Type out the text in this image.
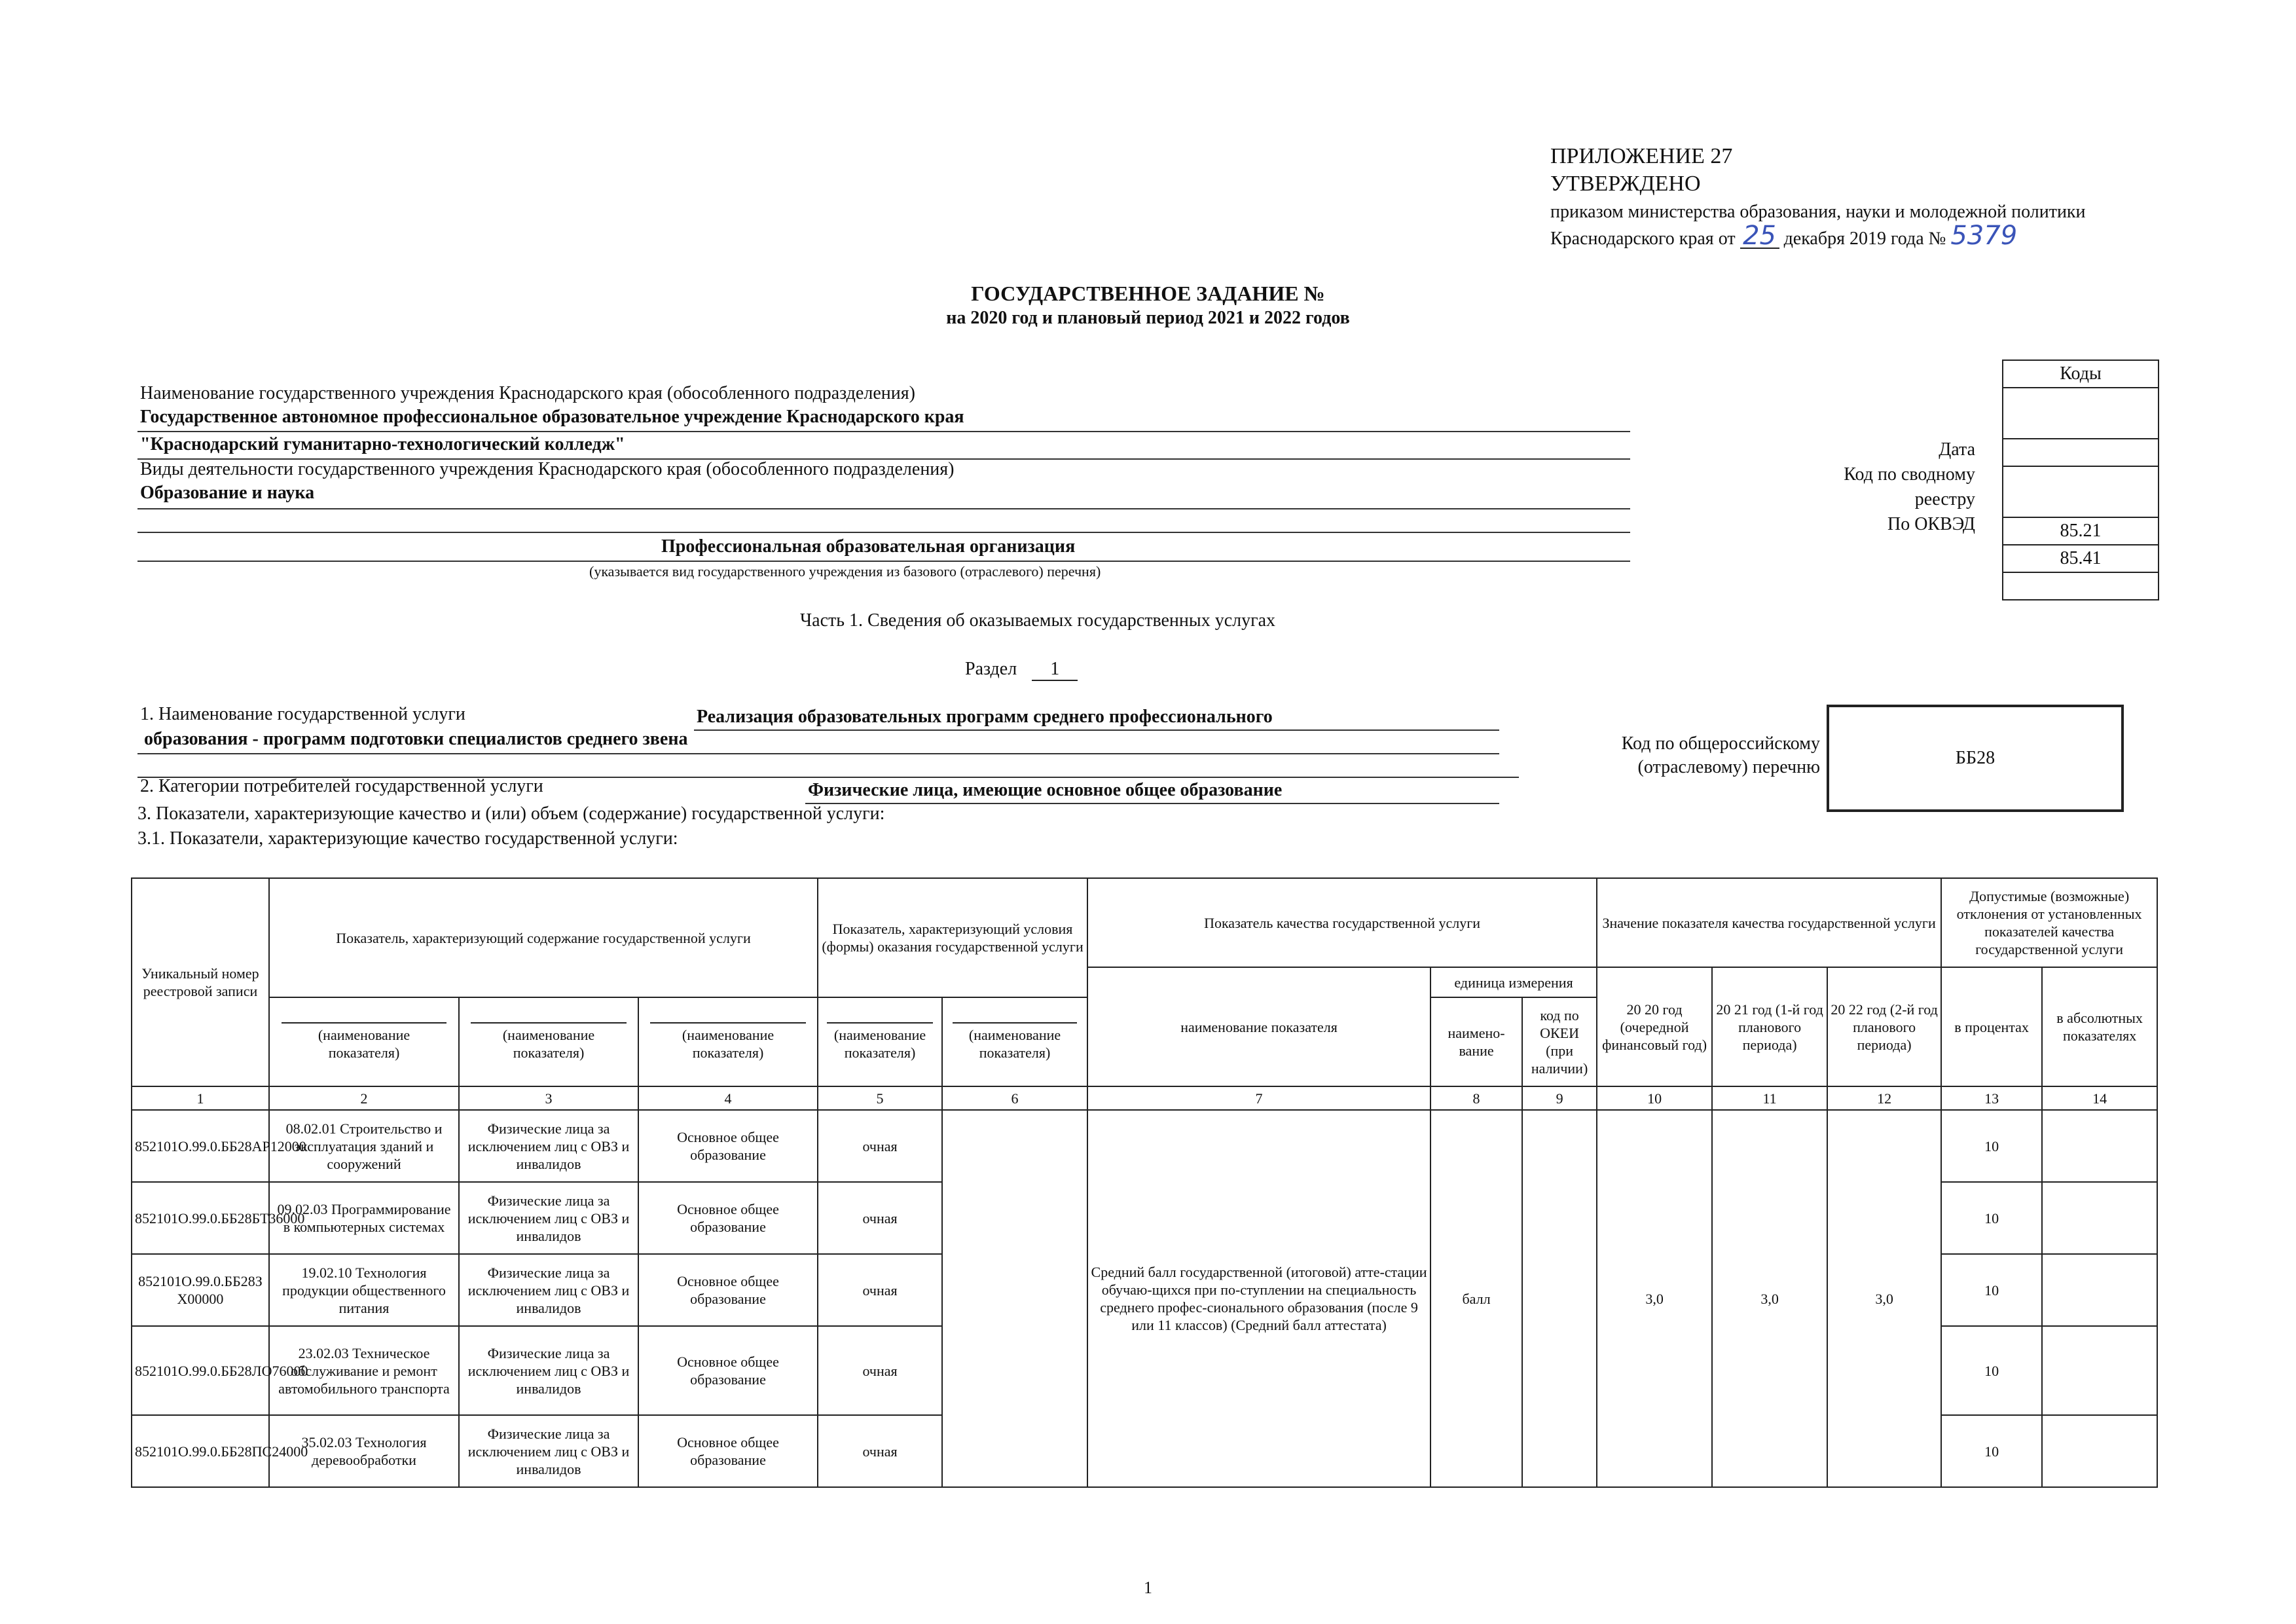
ПРИЛОЖЕНИЕ 27
УТВЕРЖДЕНО
приказом министерства образования, науки и молодежной политики
Краснодарского края от 25 декабря 2019 года № 5379
ГОСУДАРСТВЕННОЕ ЗАДАНИЕ №
на 2020 год и плановый период 2021 и 2022 годов
Наименование государственного учреждения Краснодарского края (обособленного подразделения)
Государственное автономное профессиональное образовательное учреждение Краснодарского края
"Краснодарский гуманитарно-технологический колледж"
Виды деятельности государственного учреждения Краснодарского края (обособленного подразделения)
Образование и наука
Профессиональная образовательная организация
(указывается вид государственного учреждения из базового (отраслевого) перечня)
Дата
Код по сводному
реестру
По ОКВЭД
Коды
85.21
85.41
Часть 1. Сведения об оказываемых государственных услугах
Раздел 1
1. Наименование государственной услуги	Реализация образовательных программ среднего профессионального
образования - программ подготовки специалистов среднего звена	Код по общероссийскому
(отраслевому) перечню	ББ28
2. Категории потребителей государственной услуги	Физические лица, имеющие основное общее образование
3. Показатели, характеризующие качество и (или) объем (содержание) государственной услуги:
3.1. Показатели, характеризующие качество государственной услуги:
Уникальный номер реестровой записи	Показатель, характеризующий содержание государственной услуги			Показатель, характеризующий условия (формы) оказания государственной услуги		Показатель качества государственной услуги			Значение показателя качества государственной услуги			Допустимые (возможные) отклонения от установленных показателей качества государственной услуги	
						наименование показателя	единица измерения		20 20 год (очередной финансовый год)	20 21 год (1-й год планового периода)	20 22 год (2-й год планового периода)	в процентах	в абсолютных показателях
	(наименование показателя)	(наименование показателя)	(наименование показателя)	(наименование показателя)	(наименование показателя)		наимено-вание	код по ОКЕИ (при наличии)					
1	2	3	4	5	6	7	8	9	10	11	12	13	14
852101О.99.0.ББ28АР12000	08.02.01 Строительство и эксплуатация зданий и сооружений	Физические лица за исключением лиц с ОВЗ и инвалидов	Основное общее образование	очная		Средний балл государственной (итоговой) атте-стации обучаю-щихся при по-ступлении на специальность среднего профес-сионального образования (после 9 или 11 классов) (Средний балл аттестата)	балл		3,0	3,0	3,0	10	
852101О.99.0.ББ28БТ36000	09.02.03 Программирование в компьютерных системах	Физические лица за исключением лиц с ОВЗ и инвалидов	Основное общее образование	очная								10	
852101О.99.0.ББ28З X00000	19.02.10 Технология продукции общественного питания	Физические лица за исключением лиц с ОВЗ и инвалидов	Основное общее образование	очная								10	
852101О.99.0.ББ28ЛО76000	23.02.03 Техническое обслуживание и ремонт автомобильного транспорта	Физические лица за исключением лиц с ОВЗ и инвалидов	Основное общее образование	очная								10	
852101О.99.0.ББ28ПС24000	35.02.03 Технология деревообработки	Физические лица за исключением лиц с ОВЗ и инвалидов	Основное общее образование	очная								10	
1
